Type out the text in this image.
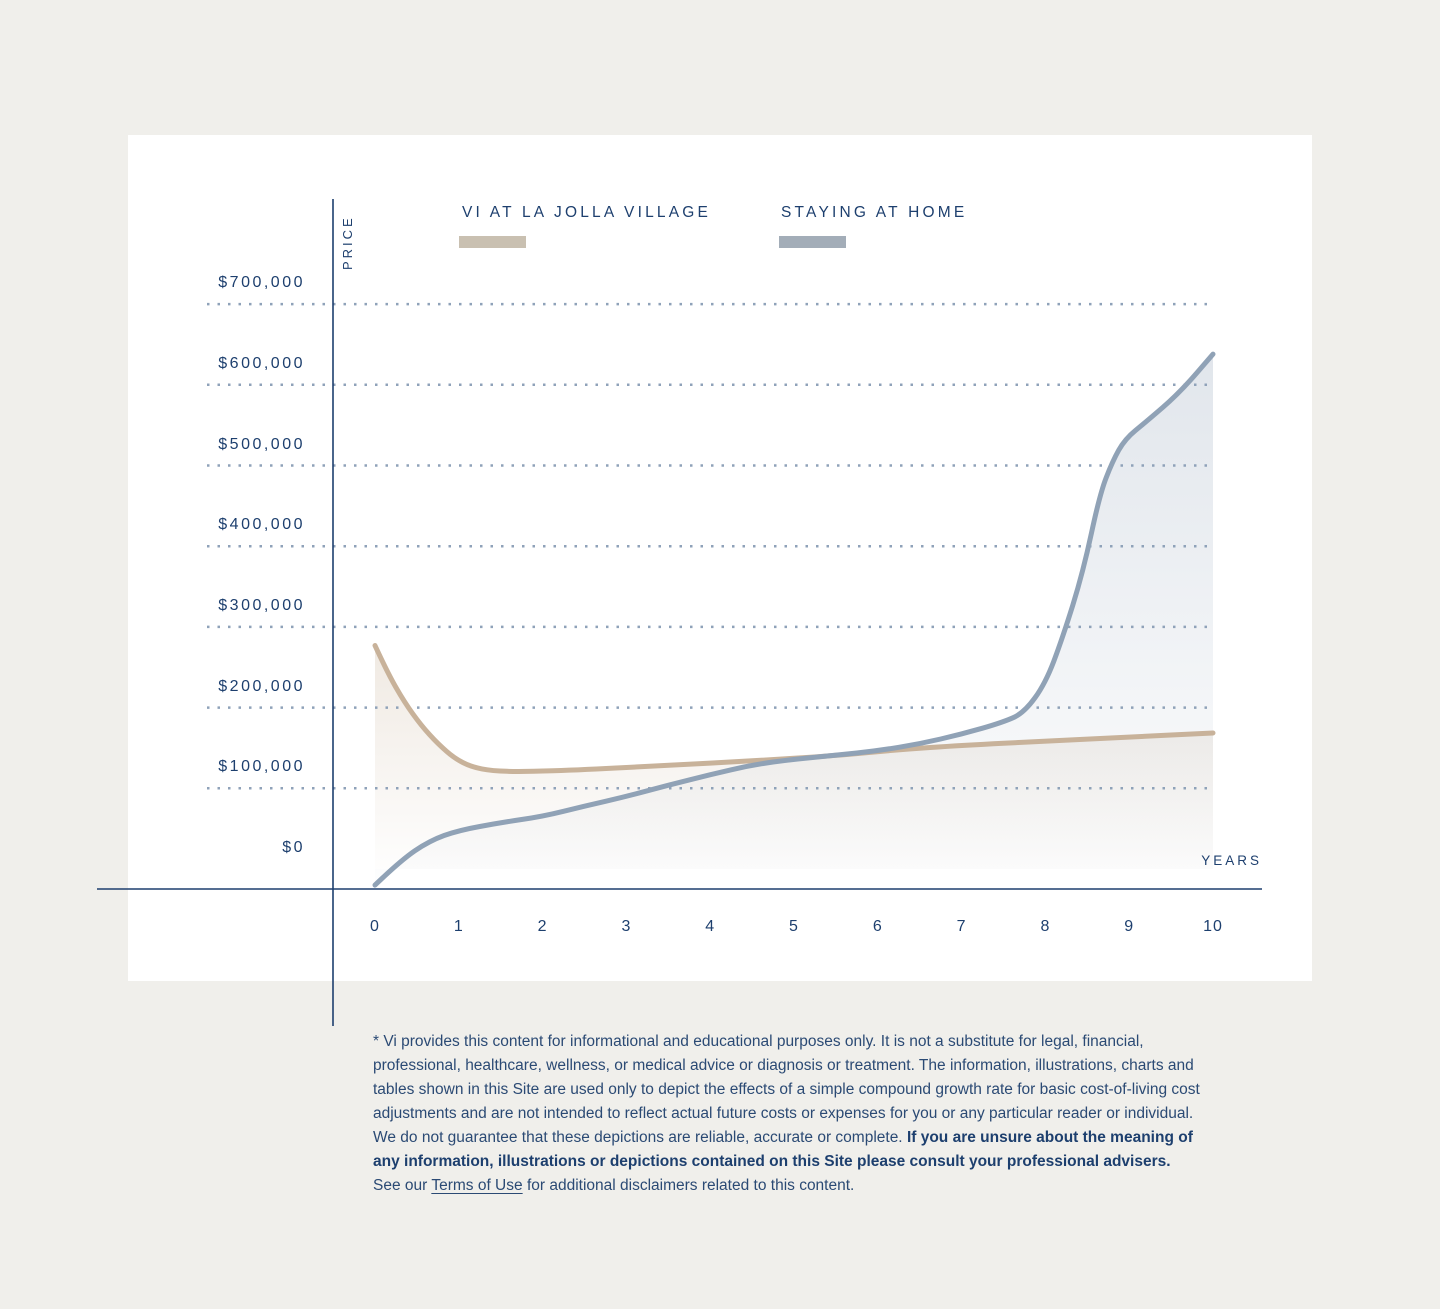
PRICE
VI AT LA JOLLA VILLAGE	STAYING AT HOME
$700,000
$600,000
$500,000
$400,000
$300,000
$200,000
$100,000
$0
0	1	2	3	4	5	6	7	8	9	10
YEARS
* Vi provides this content for informational and educational purposes only. It is not a substitute for legal, financial, professional, healthcare, wellness, or medical advice or diagnosis or treatment. The information, illustrations, charts and tables shown in this Site are used only to depict the effects of a simple compound growth rate for basic cost-of-living cost adjustments and are not intended to reflect actual future costs or expenses for you or any particular reader or individual. We do not guarantee that these depictions are reliable, accurate or complete. If you are unsure about the meaning of any information, illustrations or depictions contained on this Site please consult your professional advisers.
See our Terms of Use for additional disclaimers related to this content.
